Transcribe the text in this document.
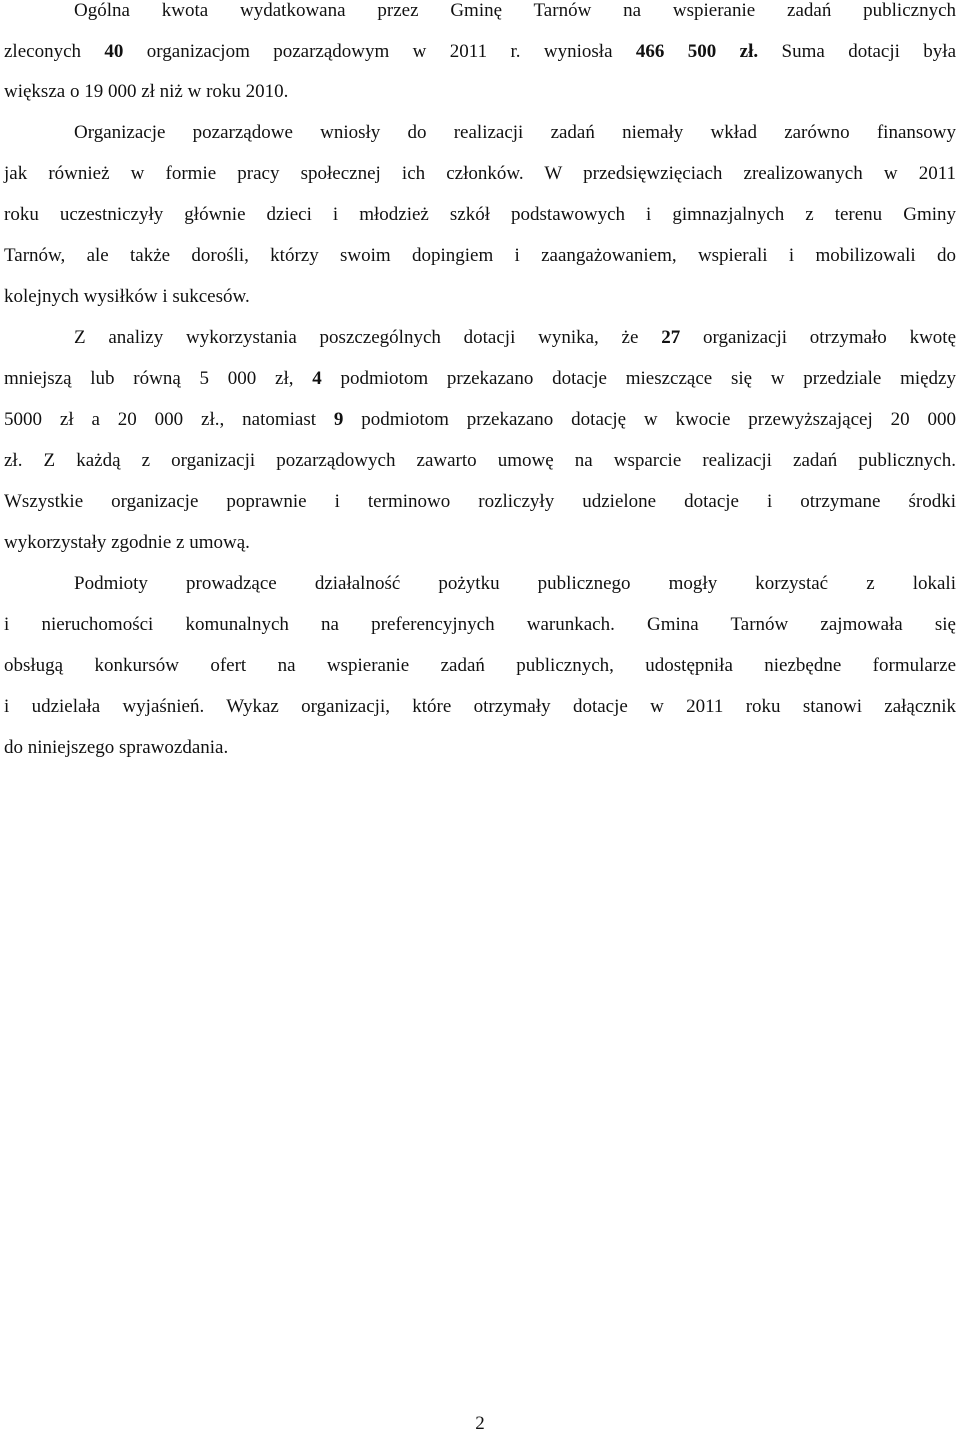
Ogólna kwota wydatkowana przez Gminę Tarnów na wspieranie zadań publicznych
zleconych 40 organizacjom pozarządowym w 2011 r. wyniosła 466 500 zł. Suma dotacji była
większa o 19 000 zł niż w roku 2010.
Organizacje pozarządowe wniosły do realizacji zadań niemały wkład zarówno finansowy
jak również w formie pracy społecznej ich członków. W przedsięwzięciach zrealizowanych w 2011
roku uczestniczyły głównie dzieci i młodzież szkół podstawowych i gimnazjalnych z terenu Gminy
Tarnów, ale także dorośli, którzy swoim dopingiem i zaangażowaniem, wspierali i mobilizowali do
kolejnych wysiłków i sukcesów.
Z analizy wykorzystania poszczególnych dotacji wynika, że 27 organizacji otrzymało kwotę
mniejszą lub równą 5 000 zł, 4 podmiotom przekazano dotacje mieszczące się w przedziale między
5000 zł a 20 000 zł., natomiast 9 podmiotom przekazano dotację w kwocie przewyższającej 20 000
zł. Z każdą z organizacji pozarządowych zawarto umowę na wsparcie realizacji zadań publicznych.
Wszystkie organizacje poprawnie i terminowo rozliczyły udzielone dotacje i otrzymane środki
wykorzystały zgodnie z umową.
Podmioty prowadzące działalność pożytku publicznego mogły korzystać z lokali
i nieruchomości komunalnych na preferencyjnych warunkach. Gmina Tarnów zajmowała się
obsługą konkursów ofert na wspieranie zadań publicznych, udostępniła niezbędne formularze
i udzielała wyjaśnień. Wykaz organizacji, które otrzymały dotacje w 2011 roku stanowi załącznik
do niniejszego sprawozdania.
2
